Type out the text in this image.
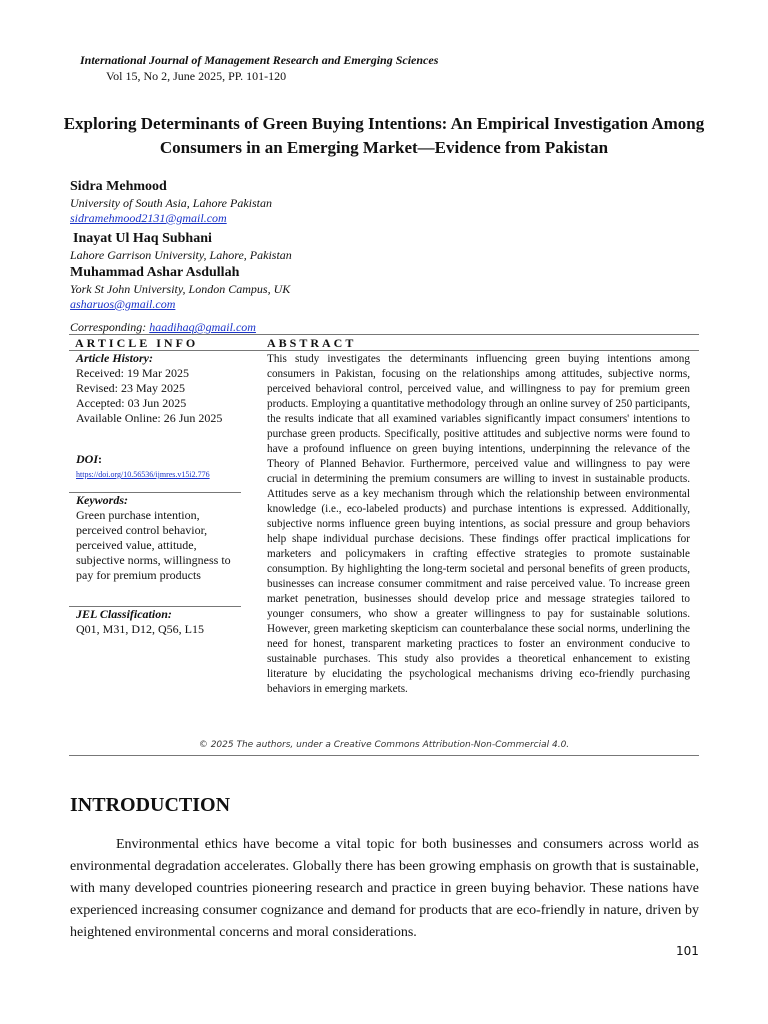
International Journal of Management Research and Emerging Sciences
Vol 15, No 2, June 2025, PP. 101-120
Exploring Determinants of Green Buying Intentions: An Empirical Investigation Among Consumers in an Emerging Market—Evidence from Pakistan
Sidra Mehmood
University of South Asia, Lahore Pakistan
sidramehmood2131@gmail.com
Inayat Ul Haq Subhani
Lahore Garrison University, Lahore, Pakistan
Muhammad Ashar Asdullah
York St John University, London Campus, UK
asharuos@gmail.com
Corresponding: haadihaq@gmail.com
ARTICLE INFO	ABSTRACT
Article History:
Received: 19 Mar 2025
Revised: 23 May 2025
Accepted: 03 Jun 2025
Available Online: 26 Jun 2025
DOI:
https://doi.org/10.56536/ijmres.v15i2.776
Keywords:
Green purchase intention, perceived control behavior, perceived value, attitude, subjective norms, willingness to pay for premium products
JEL Classification:
Q01, M31, D12, Q56, L15
This study investigates the determinants influencing green buying intentions among consumers in Pakistan, focusing on the relationships among attitudes, subjective norms, perceived behavioral control, perceived value, and willingness to pay for premium green products. Employing a quantitative methodology through an online survey of 250 participants, the results indicate that all examined variables significantly impact consumers' intentions to purchase green products. Specifically, positive attitudes and subjective norms were found to have a profound influence on green buying intentions, underpinning the relevance of the Theory of Planned Behavior. Furthermore, perceived value and willingness to pay were crucial in determining the premium consumers are willing to invest in sustainable products. Attitudes serve as a key mechanism through which the relationship between environmental knowledge (i.e., eco-labeled products) and purchase intentions is expressed. Additionally, subjective norms influence green buying intentions, as social pressure and group behaviors help shape individual purchase decisions. These findings offer practical implications for marketers and policymakers in crafting effective strategies to promote sustainable consumption. By highlighting the long-term societal and personal benefits of green products, businesses can increase consumer commitment and raise perceived value. To increase green market penetration, businesses should develop price and message strategies tailored to younger consumers, who show a greater willingness to pay for sustainable solutions. However, green marketing skepticism can counterbalance these social norms, underlining the need for honest, transparent marketing practices to foster an environment conducive to sustainable purchases. This study also provides a theoretical enhancement to existing literature by elucidating the psychological mechanisms driving eco-friendly purchasing behaviors in emerging markets.
© 2025 The authors, under a Creative Commons Attribution-Non-Commercial 4.0.
INTRODUCTION
Environmental ethics have become a vital topic for both businesses and consumers across world as environmental degradation accelerates. Globally there has been growing emphasis on growth that is sustainable, with many developed countries pioneering research and practice in green buying behavior. These nations have experienced increasing consumer cognizance and demand for products that are eco-friendly in nature, driven by heightened environmental concerns and moral considerations.
101
